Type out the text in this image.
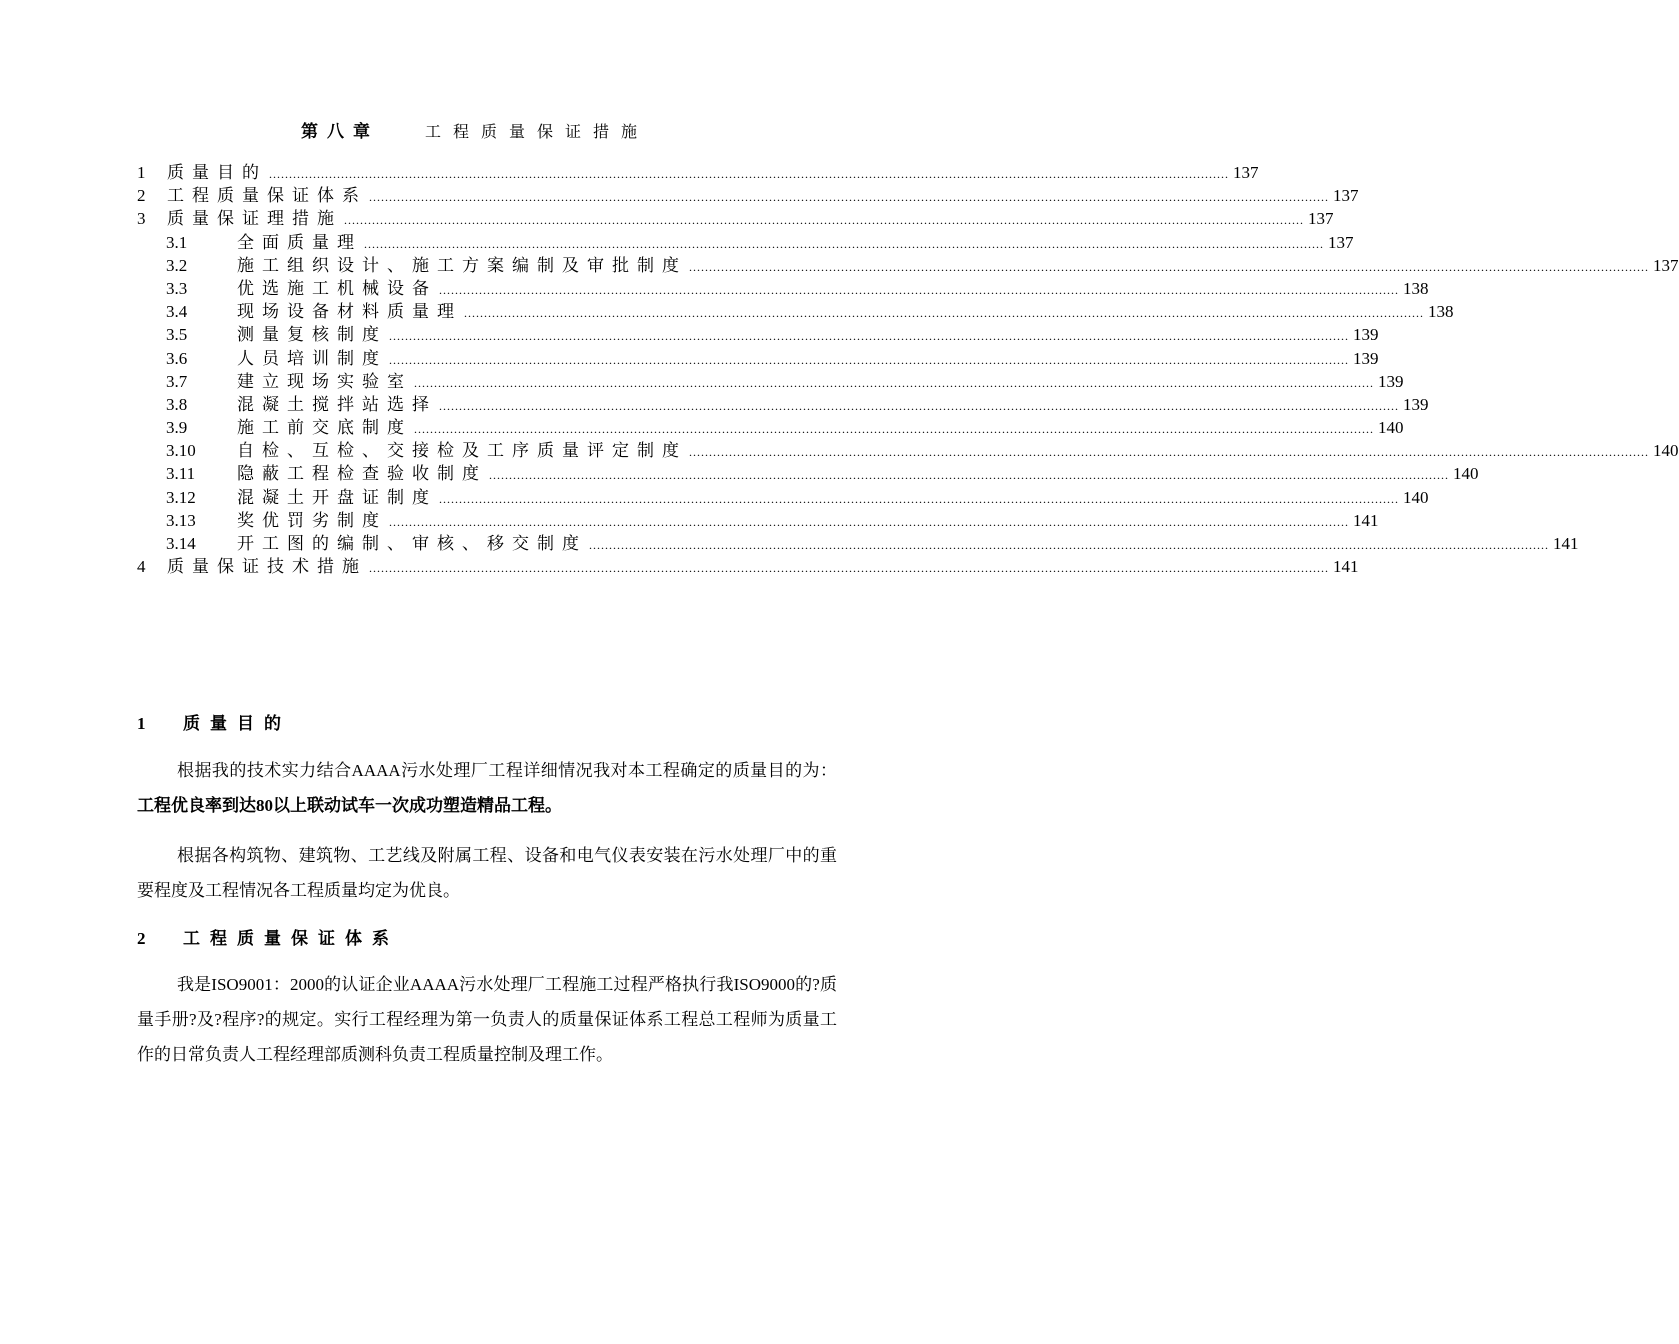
第八章	工程质量保证措施
1 质量目的 ................................................................................................................................................................................................................................................ 137
2 工程质量保证体系 ................................................................................................................................................................................................................................................ 137
3 质量保证理措施 ................................................................................................................................................................................................................................................ 137
3.1	全面质量理 ................................................................................................................................................................................................................................................ 137
3.2	施工组织设计、施工方案编制及审批制度 ................................................................................................................................................................................................................................................ 137
3.3	优选施工机械设备 ................................................................................................................................................................................................................................................ 138
3.4	现场设备材料质量理 ................................................................................................................................................................................................................................................ 138
3.5	测量复核制度 ................................................................................................................................................................................................................................................ 139
3.6	人员培训制度 ................................................................................................................................................................................................................................................ 139
3.7	建立现场实验室 ................................................................................................................................................................................................................................................ 139
3.8	混凝土搅拌站选择 ................................................................................................................................................................................................................................................ 139
3.9	施工前交底制度 ................................................................................................................................................................................................................................................ 140
3.10 自检、互检、交接检及工序质量评定制度 ................................................................................................................................................................................................................................................ 140
3.11 隐蔽工程检查验收制度 ................................................................................................................................................................................................................................................ 140
3.12 混凝土开盘证制度 ................................................................................................................................................................................................................................................ 140
3.13 奖优罚劣制度 ................................................................................................................................................................................................................................................ 141
3.14 开工图的编制、审核、移交制度 ................................................................................................................................................................................................................................................ 141
4 质量保证技术措施 ................................................................................................................................................................................................................................................ 141
1 质量目的
根据我的技术实力结合AAAA污水处理厂工程详细情况我对本工程确定的质量目的为：工程优良率到达80以上联动试车一次成功塑造精品工程。
根据各构筑物、建筑物、工艺线及附属工程、设备和电气仪表安装在污水处理厂中的重要程度及工程情况各工程质量均定为优良。
2 工程质量保证体系
我是ISO9001：2000的认证企业AAAA污水处理厂工程施工过程严格执行我ISO9000的?质量手册?及?程序?的规定。实行工程经理为第一负责人的质量保证体系工程总工程师为质量工作的日常负责人工程经理部质测科负责工程质量控制及理工作。
